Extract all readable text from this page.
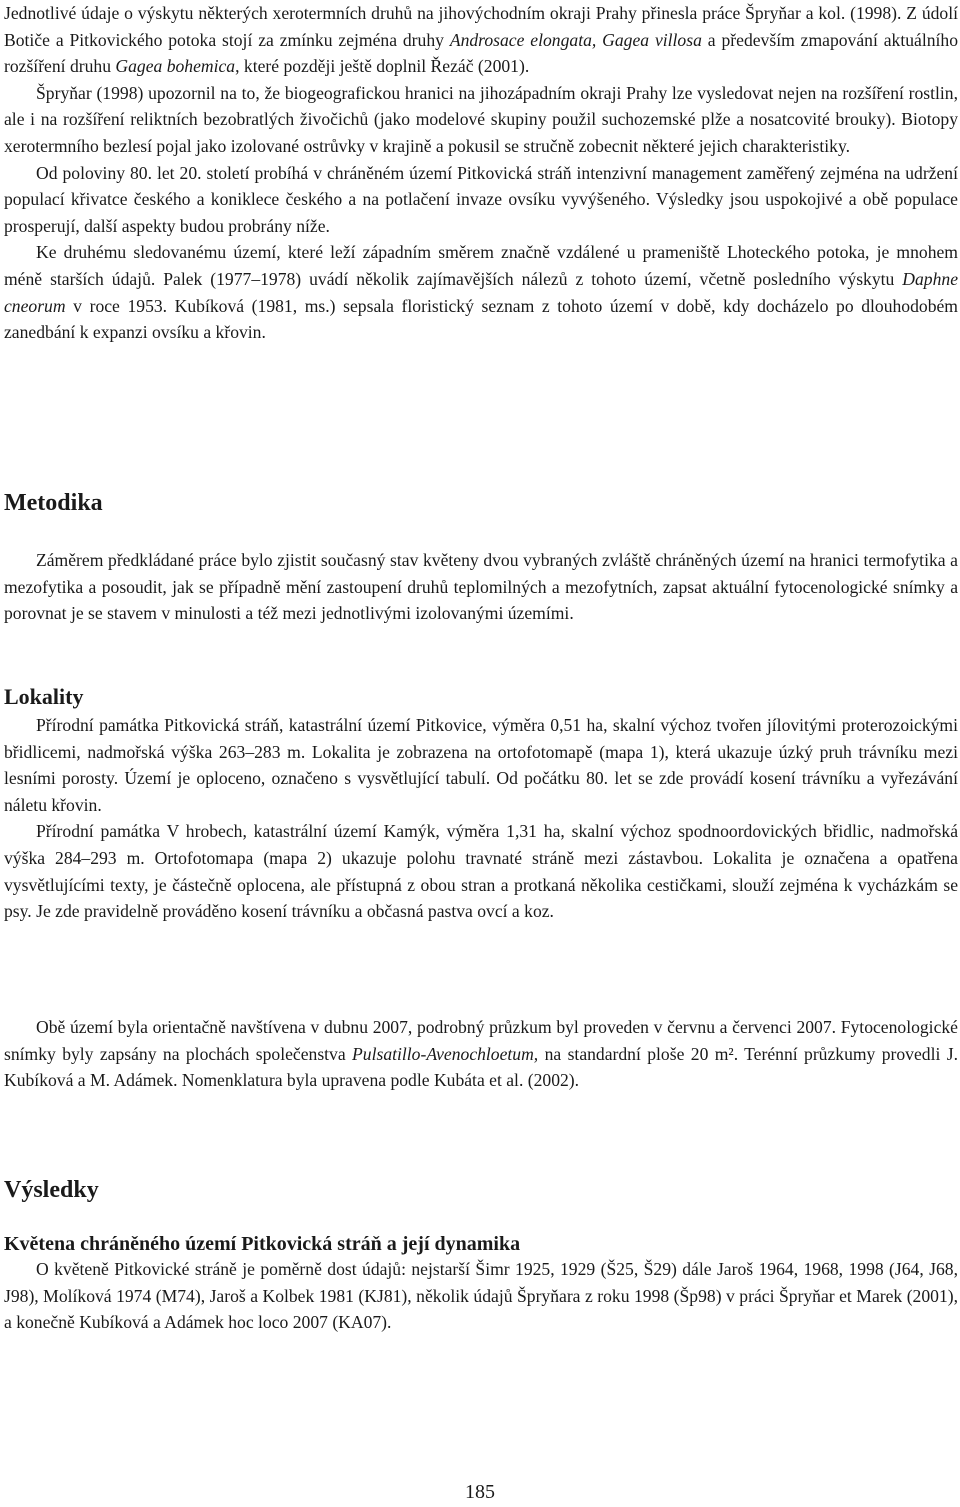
Jednotlivé údaje o výskytu některých xerotermních druhů na jihovýchodním okraji Prahy přinesla práce Špryňar a kol. (1998). Z údolí Botiče a Pitkovického potoka stojí za zmínku zejména druhy Androsace elongata, Gagea villosa a především zmapování aktuálního rozšíření druhu Gagea bohemica, které později ještě doplnil Řezáč (2001).

Špryňar (1998) upozornil na to, že biogeografickou hranici na jihozápadním okraji Prahy lze vysledovat nejen na rozšíření rostlin, ale i na rozšíření reliktních bezobratlých živočichů (jako modelové skupiny použil suchozemské plže a nosatcovité brouky). Biotopy xerotermního bezlesí pojal jako izolované ostrůvky v krajině a pokusil se stručně zobecnit některé jejich charakteristiky.

Od poloviny 80. let 20. století probíhá v chráněném území Pitkovická stráň intenzivní management zaměřený zejména na udržení populací křivatce českého a koniklece českého a na potlačení invaze ovsíku vyvýšeného. Výsledky jsou uspokojivé a obě populace prosperují, další aspekty budou probrány níže.

Ke druhému sledovanému území, které leží západním směrem značně vzdálené u prameniště Lhoteckého potoka, je mnohem méně starších údajů. Palek (1977–1978) uvádí několik zajímavějších nálezů z tohoto území, včetně posledního výskytu Daphne cneorum v roce 1953. Kubíková (1981, ms.) sepsala floristický seznam z tohoto území v době, kdy docházelo po dlouhodobém zanedbání k expanzi ovsíku a křovin.

Metodika

Záměrem předkládané práce bylo zjistit současný stav květeny dvou vybraných zvláště chráněných území na hranici termofytika a mezofytika a posoudit, jak se případně mění zastoupení druhů teplomilných a mezofytních, zapsat aktuální fytocenologické snímky a porovnat je se stavem v minulosti a též mezi jednotlivými izolovanými územími.

Lokality

Přírodní památka Pitkovická stráň, katastrální území Pitkovice, výměra 0,51 ha, skalní výchoz tvořen jílovitými proterozoickými břidlicemi, nadmořská výška 263–283 m. Lokalita je zobrazena na ortofotomapě (mapa 1), která ukazuje úzký pruh trávníku mezi lesními porosty. Území je oploceno, označeno s vysvětlující tabulí. Od počátku 80. let se zde provádí kosení trávníku a vyřezávání náletu křovin.

Přírodní památka V hrobech, katastrální území Kamýk, výměra 1,31 ha, skalní výchoz spodnoordovických břidlic, nadmořská výška 284–293 m. Ortofotomapa (mapa 2) ukazuje polohu travnaté stráně mezi zástavbou. Lokalita je označena a opatřena vysvětlujícími texty, je částečně oplocena, ale přístupná z obou stran a protkaná několika cestičkami, slouží zejména k vycházkám se psy. Je zde pravidelně prováděno kosení trávníku a občasná pastva ovcí a koz.

Obě území byla orientačně navštívena v dubnu 2007, podrobný průzkum byl proveden v červnu a červenci 2007. Fytocenologické snímky byly zapsány na plochách společenstva Pulsatillo-Avenochloetum, na standardní ploše 20 m². Terénní průzkumy provedli J. Kubíková a M. Adámek. Nomenklatura byla upravena podle Kubáta et al. (2002).

Výsledky
Květena chráněného území Pitkovická stráň a její dynamika

O květeně Pitkovické stráně je poměrně dost údajů: nejstarší Šimr 1925, 1929 (Š25, Š29) dále Jaroš 1964, 1968, 1998 (J64, J68, J98), Molíková 1974 (M74), Jaroš a Kolbek 1981 (KJ81), několik údajů Špryňara z roku 1998 (Šp98) v práci Špryňar et Marek (2001), a konečně Kubíková a Adámek hoc loco 2007 (KA07).

185
